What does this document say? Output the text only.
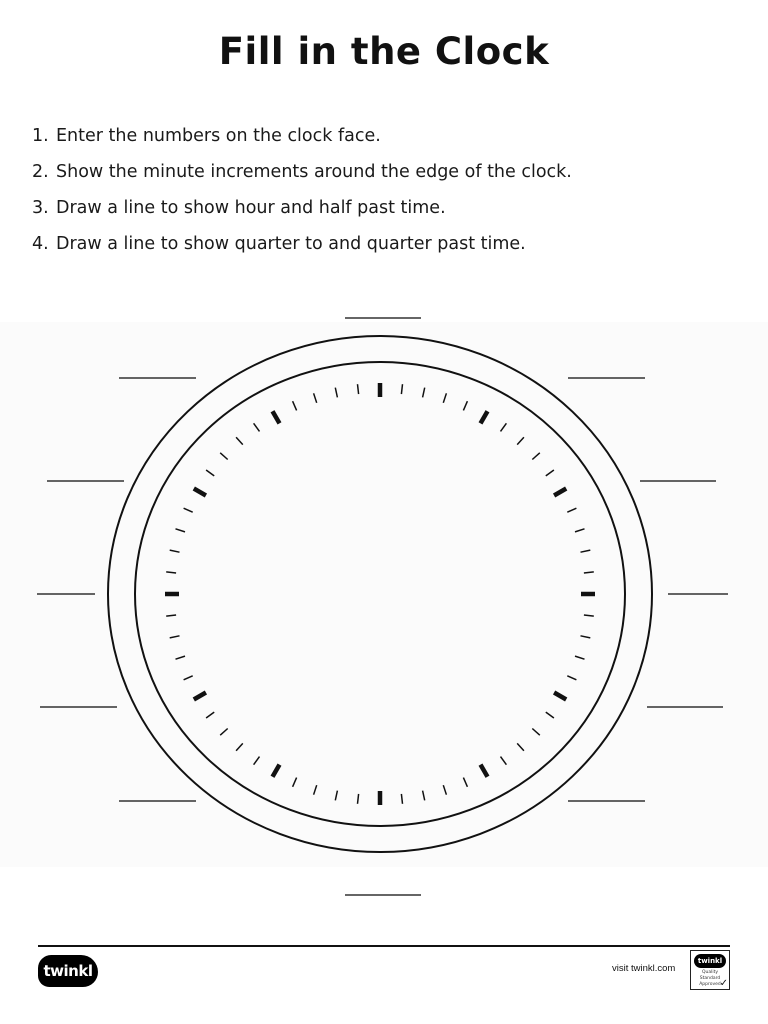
Fill in the Clock
1. Enter the numbers on the clock face.
2. Show the minute increments around the edge of the clock.
3. Draw a line to show hour and half past time.
4. Draw a line to show quarter to and quarter past time.
twinkl	visit twinkl.com
twinkl
Quality Standard Approved
✓
